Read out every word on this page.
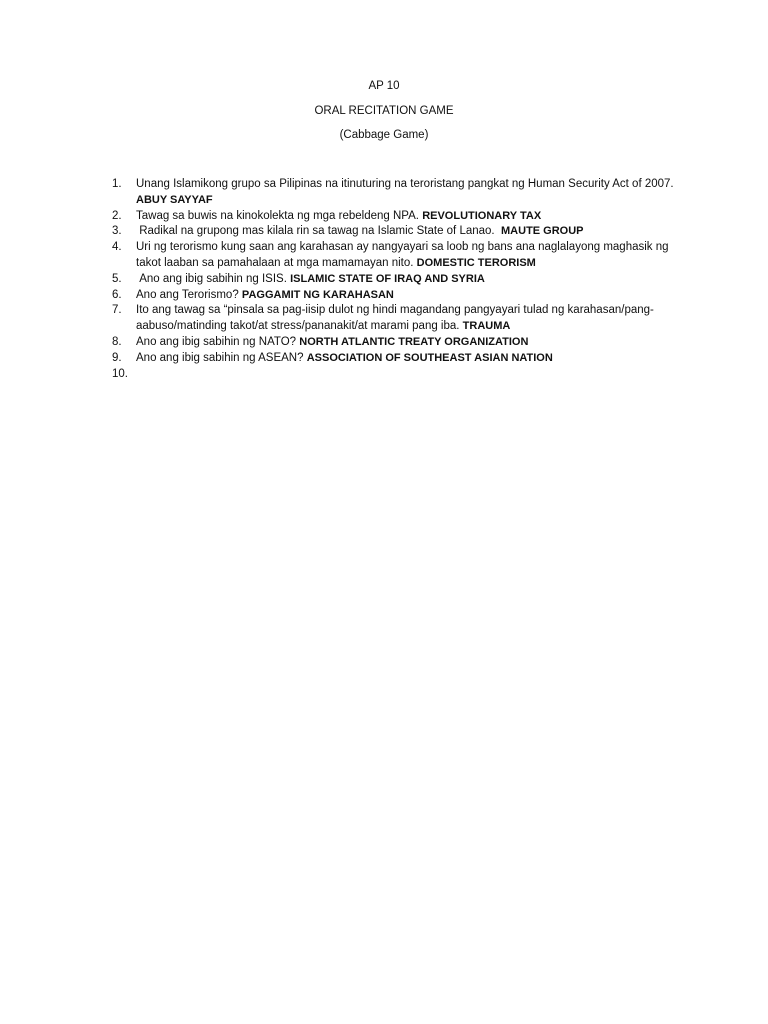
AP 10
ORAL RECITATION GAME
(Cabbage Game)
1.	Unang Islamikong grupo sa Pilipinas na itinuturing na teroristang pangkat ng Human Security Act of 2007. ABUY SAYYAF
2.	Tawag sa buwis na kinokolekta ng mga rebeldeng NPA. REVOLUTIONARY TAX
3.	Radikal na grupong mas kilala rin sa tawag na Islamic State of Lanao.  MAUTE GROUP
4.	Uri ng terorismo kung saan ang karahasan ay nangyayari sa loob ng bans ana naglalayong maghasik ng takot laaban sa pamahalaan at mga mamamayan nito. DOMESTIC TERORISM
5.	Ano ang ibig sabihin ng ISIS. ISLAMIC STATE OF IRAQ AND SYRIA
6.	Ano ang Terorismo? PAGGAMIT NG KARAHASAN
7.	Ito ang tawag sa “pinsala sa pag-iisip dulot ng hindi magandang pangyayari tulad ng karahasan/pang-aabuso/matinding takot/at stress/pananakit/at marami pang iba. TRAUMA
8.	Ano ang ibig sabihin ng NATO? NORTH ATLANTIC TREATY ORGANIZATION
9.	Ano ang ibig sabihin ng ASEAN? ASSOCIATION OF SOUTHEAST ASIAN NATION
10.
